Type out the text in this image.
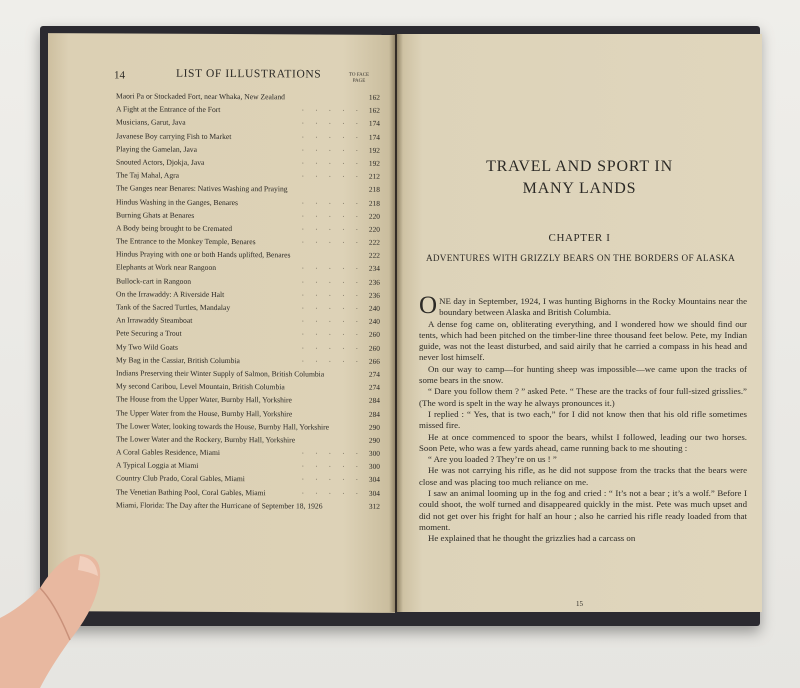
14	LIST OF ILLUSTRATIONS	TO FACE
PAGE
Maori Pa or Stockaded Fort, near Whaka, New Zealand	162
A Fight at the Entrance of the Fort	. . . . . 162
Musicians, Garut, Java	. . . . . 174
Javanese Boy carrying Fish to Market	. . . . . 174
Playing the Gamelan, Java	. . . . . 192
Snouted Actors, Djokja, Java	. . . . . 192
The Taj Mahal, Agra	. . . . . 212
The Ganges near Benares: Natives Washing and Praying	218
Hindus Washing in the Ganges, Benares	. . . . . 218
Burning Ghats at Benares	. . . . . 220
A Body being brought to be Cremated	. . . . . 220
The Entrance to the Monkey Temple, Benares	. . . . . 222
Hindus Praying with one or both Hands uplifted, Benares	222
Elephants at Work near Rangoon	. . . . . 234
Bullock-cart in Rangoon	. . . . . 236
On the Irrawaddy: A Riverside Halt	. . . . . 236
Tank of the Sacred Turtles, Mandalay	. . . . . 240
An Irrawaddy Steamboat	. . . . . 240
Pete Securing a Trout	. . . . . 260
My Two Wild Goats	. . . . . 260
My Bag in the Cassiar, British Columbia	. . . . . 266
Indians Preserving their Winter Supply of Salmon, British Columbia	274
My second Caribou, Level Mountain, British Columbia	274
The House from the Upper Water, Burnby Hall, Yorkshire	284
The Upper Water from the House, Burnby Hall, Yorkshire	284
The Lower Water, looking towards the House, Burnby Hall, Yorkshire	290
The Lower Water and the Rockery, Burnby Hall, Yorkshire	290
A Coral Gables Residence, Miami	. . . . . 300
A Typical Loggia at Miami	. . . . . 300
Country Club Prado, Coral Gables, Miami	. . . . . 304
The Venetian Bathing Pool, Coral Gables, Miami	. . . . . 304
Miami, Florida: The Day after the Hurricane of September 18, 1926	312
TRAVEL AND SPORT IN
MANY LANDS
CHAPTER I
ADVENTURES WITH GRIZZLY BEARS ON THE BORDERS OF ALASKA

ONE day in September, 1924, I was hunting Bighorns in the Rocky Mountains near the boundary between Alaska and British Columbia.

A dense fog came on, obliterating everything, and I wondered how we should find our tents, which had been pitched on the timber-line three thousand feet below. Pete, my Indian guide, was not the least disturbed, and said airily that he carried a compass in his head and never lost himself.

On our way to camp—for hunting sheep was impossible—we came upon the tracks of some bears in the snow.

“ Dare you follow them ? ” asked Pete. “ These are the tracks of four full-sized grisslies.” (The word is spelt in the way he always pronounces it.)

I replied : “ Yes, that is two each,” for I did not know then that his old rifle sometimes missed fire.

He at once commenced to spoor the bears, whilst I followed, leading our two horses. Soon Pete, who was a few yards ahead, came running back to me shouting :

“ Are you loaded ? They’re on us ! ”

He was not carrying his rifle, as he did not suppose from the tracks that the bears were close and was placing too much reliance on me.

I saw an animal looming up in the fog and cried : “ It’s not a bear ; it’s a wolf.” Before I could shoot, the wolf turned and disappeared quickly in the mist. Pete was much upset and did not get over his fright for half an hour ; also he carried his rifle ready loaded from that moment.

He explained that he thought the grizzlies had a carcass on

15
